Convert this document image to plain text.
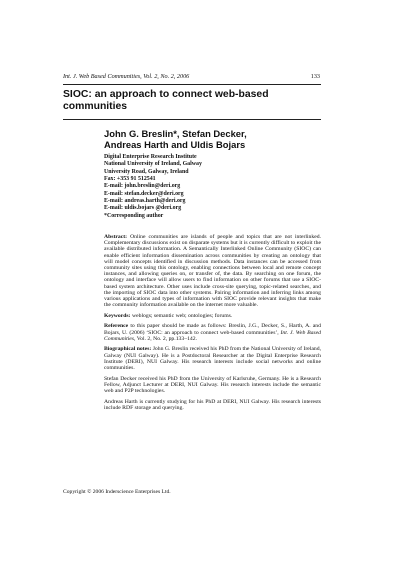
Int. J. Web Based Communities, Vol. 2, No. 2, 2006	133
SIOC: an approach to connect web-based communities
John G. Breslin*, Stefan Decker,
Andreas Harth and Uldis Bojars
Digital Enterprise Research Institute
National University of Ireland, Galway
University Road, Galway, Ireland
Fax: +353 91 512541
E-mail: john.breslin@deri.org
E-mail: stefan.decker@deri.org
E-mail: andreas.harth@deri.org
E-mail: uldis.bojars @deri.org
*Corresponding author

Abstract: Online communities are islands of people and topics that are not interlinked. Complementary discussions exist on disparate systems but it is currently difficult to exploit the available distributed information. A Semantically Interlinked Online Community (SIOC) can enable efficient information dissemination across communities by creating an ontology that will model concepts identified in discussion methods. Data instances can be accessed from community sites using this ontology, enabling connections between local and remote concept instances, and allowing queries on, or transfer of, the data. By searching on one forum, the ontology and interface will allow users to find information on other forums that use a SIOC-based system architecture. Other uses include cross-site querying, topic-related searches, and the importing of SIOC data into other systems. Pairing information and inferring links among various applications and types of information with SIOC provide relevant insights that make the community information available on the internet more valuable.

Keywords: weblogs; semantic web; ontologies; forums.

Reference to this paper should be made as follows: Breslin, J.G., Decker, S., Harth, A. and Bojars, U. (2006) ‘SIOC: an approach to connect web-based communities’, Int. J. Web Based Communities, Vol. 2, No. 2, pp.133–142.

Biographical notes: John G. Breslin received his PhD from the National University of Ireland, Galway (NUI Galway). He is a Postdoctoral Researcher at the Digital Enterprise Research Institute (DERI), NUI Galway. His research interests include social networks and online communities.

Stefan Decker received his PhD from the University of Karlsruhe, Germany. He is a Research Fellow, Adjunct Lecturer at DERI, NUI Galway. His research interests include the semantic web and P2P technologies.

Andreas Harth is currently studying for his PhD at DERI, NUI Galway. His research interests include RDF storage and querying.

Copyright © 2006 Inderscience Enterprises Ltd.
